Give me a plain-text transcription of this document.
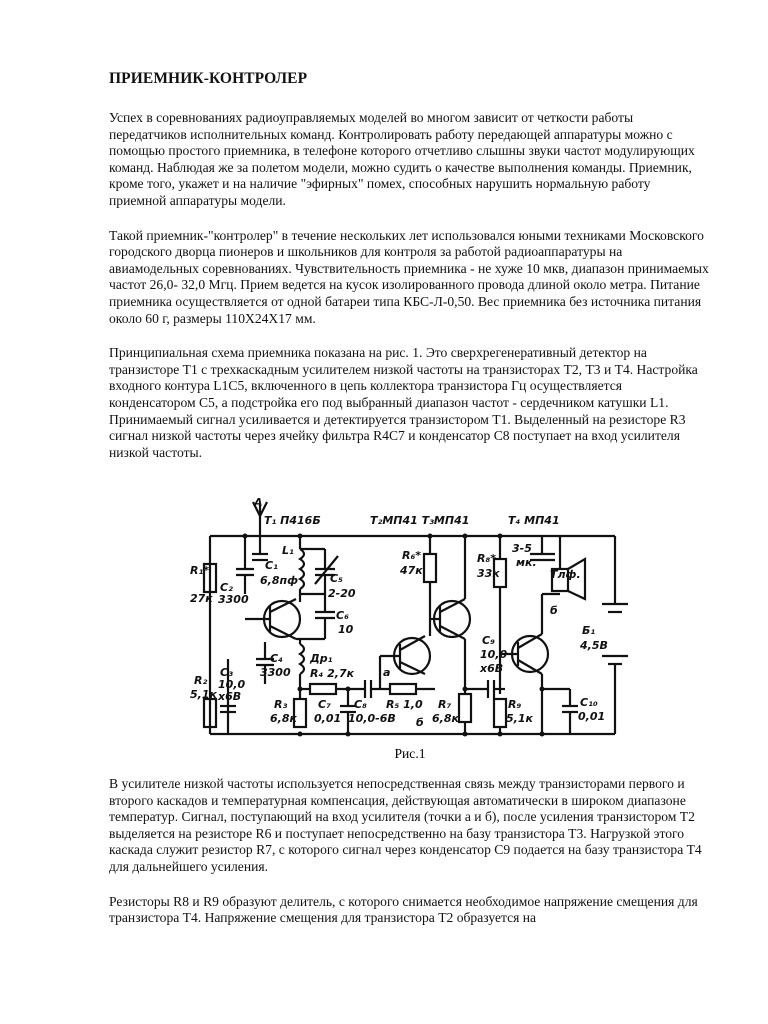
ПРИЕМНИК-КОНТРОЛЕР

Успех в соревнованиях радиоуправляемых моделей во многом зависит от четкости работы передатчиков исполнительных команд. Контролировать работу передающей аппаратуры можно с помощью простого приемника, в телефоне которого отчетливо слышны звуки частот модулирующих команд. Наблюдая же за полетом модели, можно судить о качестве выполнения команды. Приемник, кроме того, укажет и на наличие "эфирных" помех, способных нарушить нормальную работу приемной аппаратуры модели.

Такой приемник-"контролер" в течение нескольких лет использовался юными техниками Московского городского дворца пионеров и школьников для контроля за работой радиоаппаратуры на авиамодельных соревнованиях. Чувствительность приемника - не хуже 10 мкв, диапазон принимаемых частот 26,0- 32,0 Мгц. Прием ведется на кусок изолированного провода длиной около метра. Питание приемника осуществляется от одной батареи типа КБС-Л-0,50. Вес приемника без источника питания около 60 г, размеры 110Х24Х17 мм.

Принципиальная схема приемника показана на рис. 1. Это сверхрегенеративный детектор на транзисторе Т1 с трехкаскадным усилителем низкой частоты на транзисторах Т2, Т3 и Т4. Настройка входного контура L1C5, включенного в цепь коллектора транзистора Гц осуществляется конденсатором С5, а подстройка его под выбранный диапазон частот - сердечником катушки L1. Принимаемый сигнал усиливается и детектируется транзистором Т1. Выделенный на резисторе R3 сигнал низкой частоты через ячейку фильтра R4C7 и конденсатор С8 поступает на вход усилителя низкой частоты.

А
Т₁ П416Б	Т₂МП41 Т₃МП41	Т₄ МП41
R₁*
27к
С₂
3300
С₁
6,8пф
L₁
С₅
2-20
С₆
10
R₆*
47к
R₈*
33к
3-5
мк.
Тлф.
С₃
10,0
х6В
С₄
3300
Др₁
R₄ 2,7к
С₉
10,0
х6В
б
Б₁
4,5В
R₂
5,1к
R₃
6,8к
С₇
0,01
а
С₈
10,0-6В
R₅ 1,0
б
R₇
6,8к
R₉
5,1к
С₁₀
0,01
Рис.1

В усилителе низкой частоты используется непосредственная связь между транзисторами первого и второго каскадов и температурная компенсация, действующая автоматически в широком диапазоне температур. Сигнал, поступающий на вход усилителя (точки а и б), после усиления транзистором Т2 выделяется на резисторе R6 и поступает непосредственно на базу транзистора Т3. Нагрузкой этого каскада служит резистор R7, с которого сигнал через конденсатор С9 подается на базу транзистора Т4 для дальнейшего усиления.

Резисторы R8 и R9 образуют делитель, с которого снимается необходимое напряжение смещения для транзистора Т4. Напряжение смещения для транзистора Т2 образуется на
